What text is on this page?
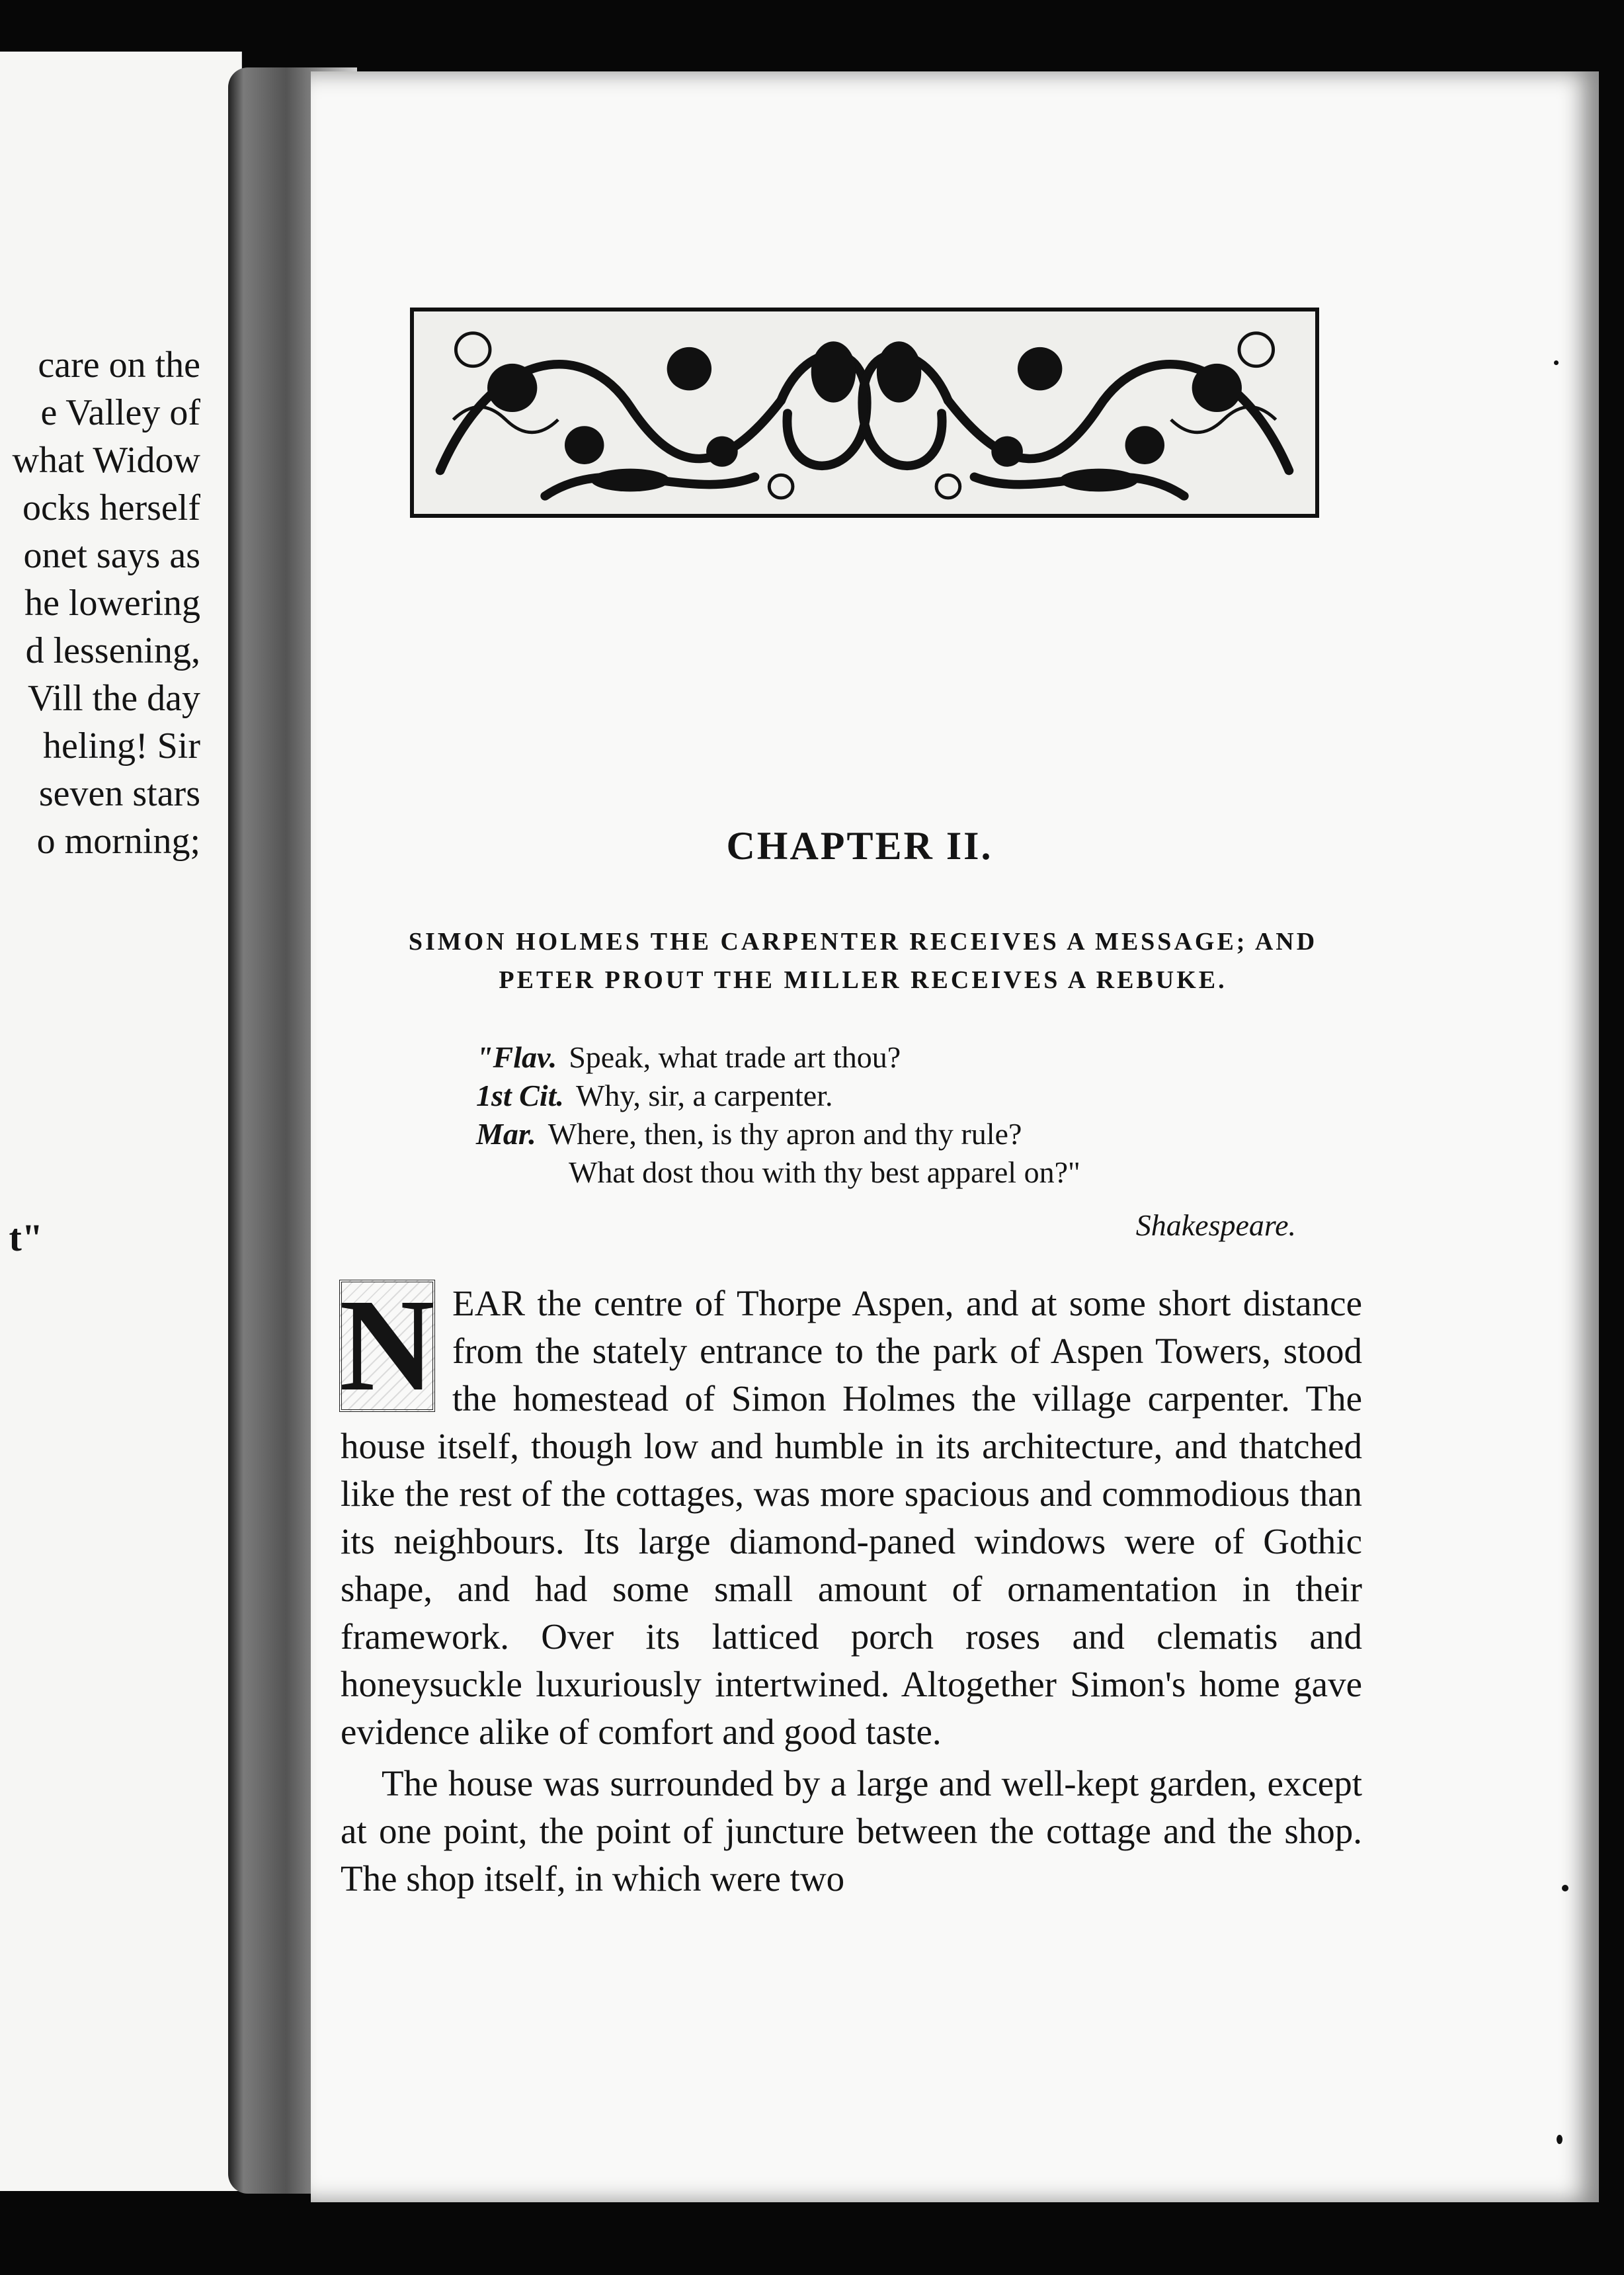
care on the
e Valley of
what Widow
ocks herself
onet says as
he lowering
d lessening,
Vill the day
heling! Sir
seven stars
o morning;
t"
CHAPTER II.
SIMON HOLMES THE CARPENTER RECEIVES A MESSAGE; AND
PETER PROUT THE MILLER RECEIVES A REBUKE.
"Flav. Speak, what trade art thou?
1st Cit. Why, sir, a carpenter.
Mar. Where, then, is thy apron and thy rule?
What dost thou with thy best apparel on?"
Shakespeare.

N EAR the centre of Thorpe Aspen, and at some short distance from the stately entrance to the park of Aspen Towers, stood the homestead of Simon Holmes the village carpenter. The house itself, though low and humble in its architecture, and thatched like the rest of the cottages, was more spacious and commodious than its neighbours. Its large diamond-paned windows were of Gothic shape, and had some small amount of ornamentation in their framework. Over its latticed porch roses and clematis and honeysuckle luxuriously intertwined. Altogether Simon's home gave evidence alike of comfort and good taste.

The house was surrounded by a large and well-kept garden, except at one point, the point of juncture between the cottage and the shop. The shop itself, in which were two
